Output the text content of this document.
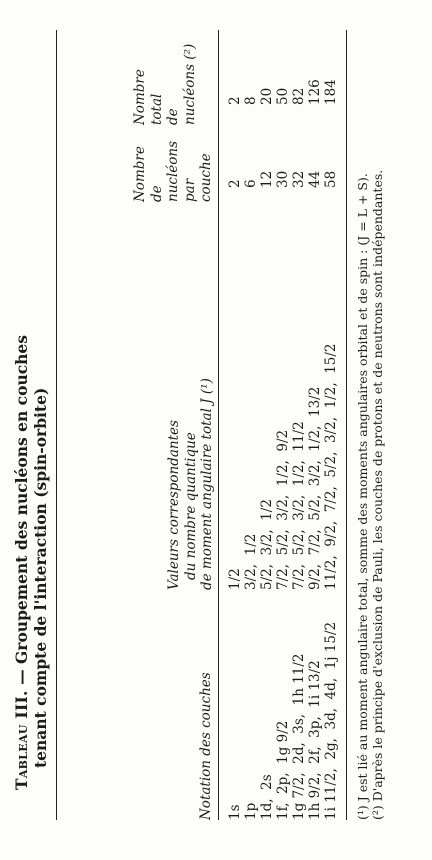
Tableau III. — Groupement des nucléons en couches tenant compte de l'interaction (spin-orbite)	Notation des couches
Valeurs correspondantes du nombre quantique de moment angulaire total J (¹)
Nombre de nucléons par couche
Nombre total de nucléons (²)
1s
1/2
2
2
1p
3/2,  1/2
6
8
1d,  2s
5/2,  3/2,  1/2
12
20
1f,  2p,  1g 9/2
7/2,  5/2,  3/2,  1/2,  9/2
30
50
1g 7/2,  2d,  3s,  1h 11/2
7/2,  5/2,  3/2,  1/2,  11/2
32
82
1h 9/2,  2f,  3p,  1i 13/2
9/2,  7/2,  5/2,  3/2,  1/2,  13/2
44
126
1i 11/2,  2g,  3d,  4d,  1j 15/2
11/2,  9/2,  7/2,  5/2,  3/2,  1/2,  15/2
58
184
(¹) J est lié au moment angulaire total, somme des moments angulaires orbital et de spin : (J = L + S). (²) D'après le principe d'exclusion de Pauli, les couches de protons et de neutrons sont indépendantes.
